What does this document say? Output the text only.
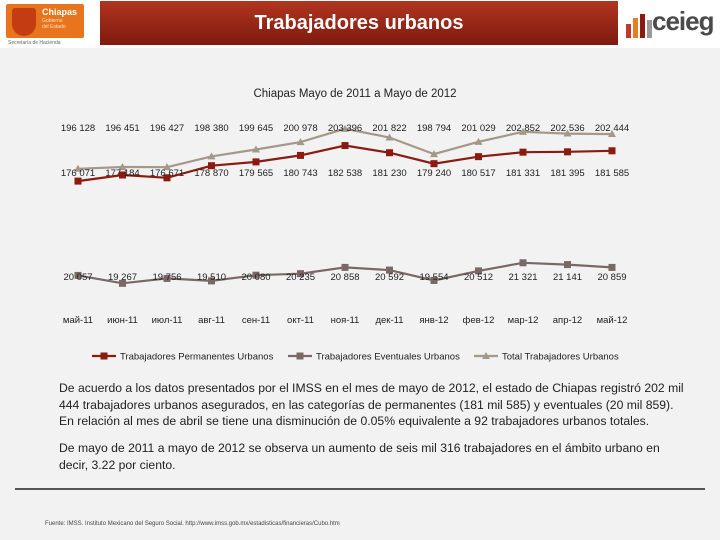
Chiapas
Gobierno
del Estado
Secretaría de Hacienda
Trabajadores urbanos	ceieg
Chiapas Mayo de 2011 a Mayo de 2012
196 128 196 451 196 427 198 380 199 645 200 978 203 396 201 822 198 794 201 029 202 852 202 536 202 444
176 071 177 184 176 671 178 870 179 565 180 743 182 538 181 230 179 240 180 517 181 331 181 395 181 585
20 057 19 267 19 756 19 510 20 080 20 235 20 858 20 592 19 554 20 512 21 321 21 141 20 859
май-11 июн-11 июл-11 авг-11 сен-11 окт-11 ноя-11 дек-11 янв-12 фев-12 мар-12 апр-12 май-12
Trabajadores Permanentes Urbanos	Trabajadores Eventuales Urbanos	Total Trabajadores Urbanos

De acuerdo a los datos presentados por el IMSS en el mes de mayo de 2012, el estado de Chiapas registró 202 mil 444 trabajadores urbanos asegurados, en las categorías de permanentes (181 mil 585) y eventuales (20 mil 859). En relación al mes de abril se tiene una disminución de 0.05% equivalente a 92 trabajadores urbanos totales.

De mayo de 2011 a mayo de 2012 se observa un aumento de seis mil 316 trabajadores en el ámbito urbano en decir, 3.22 por ciento.

Fuente: IMSS. Instituto Mexicano del Seguro Social. http://www.imss.gob.mx/estadisticas/financieras/Cubo.htm
